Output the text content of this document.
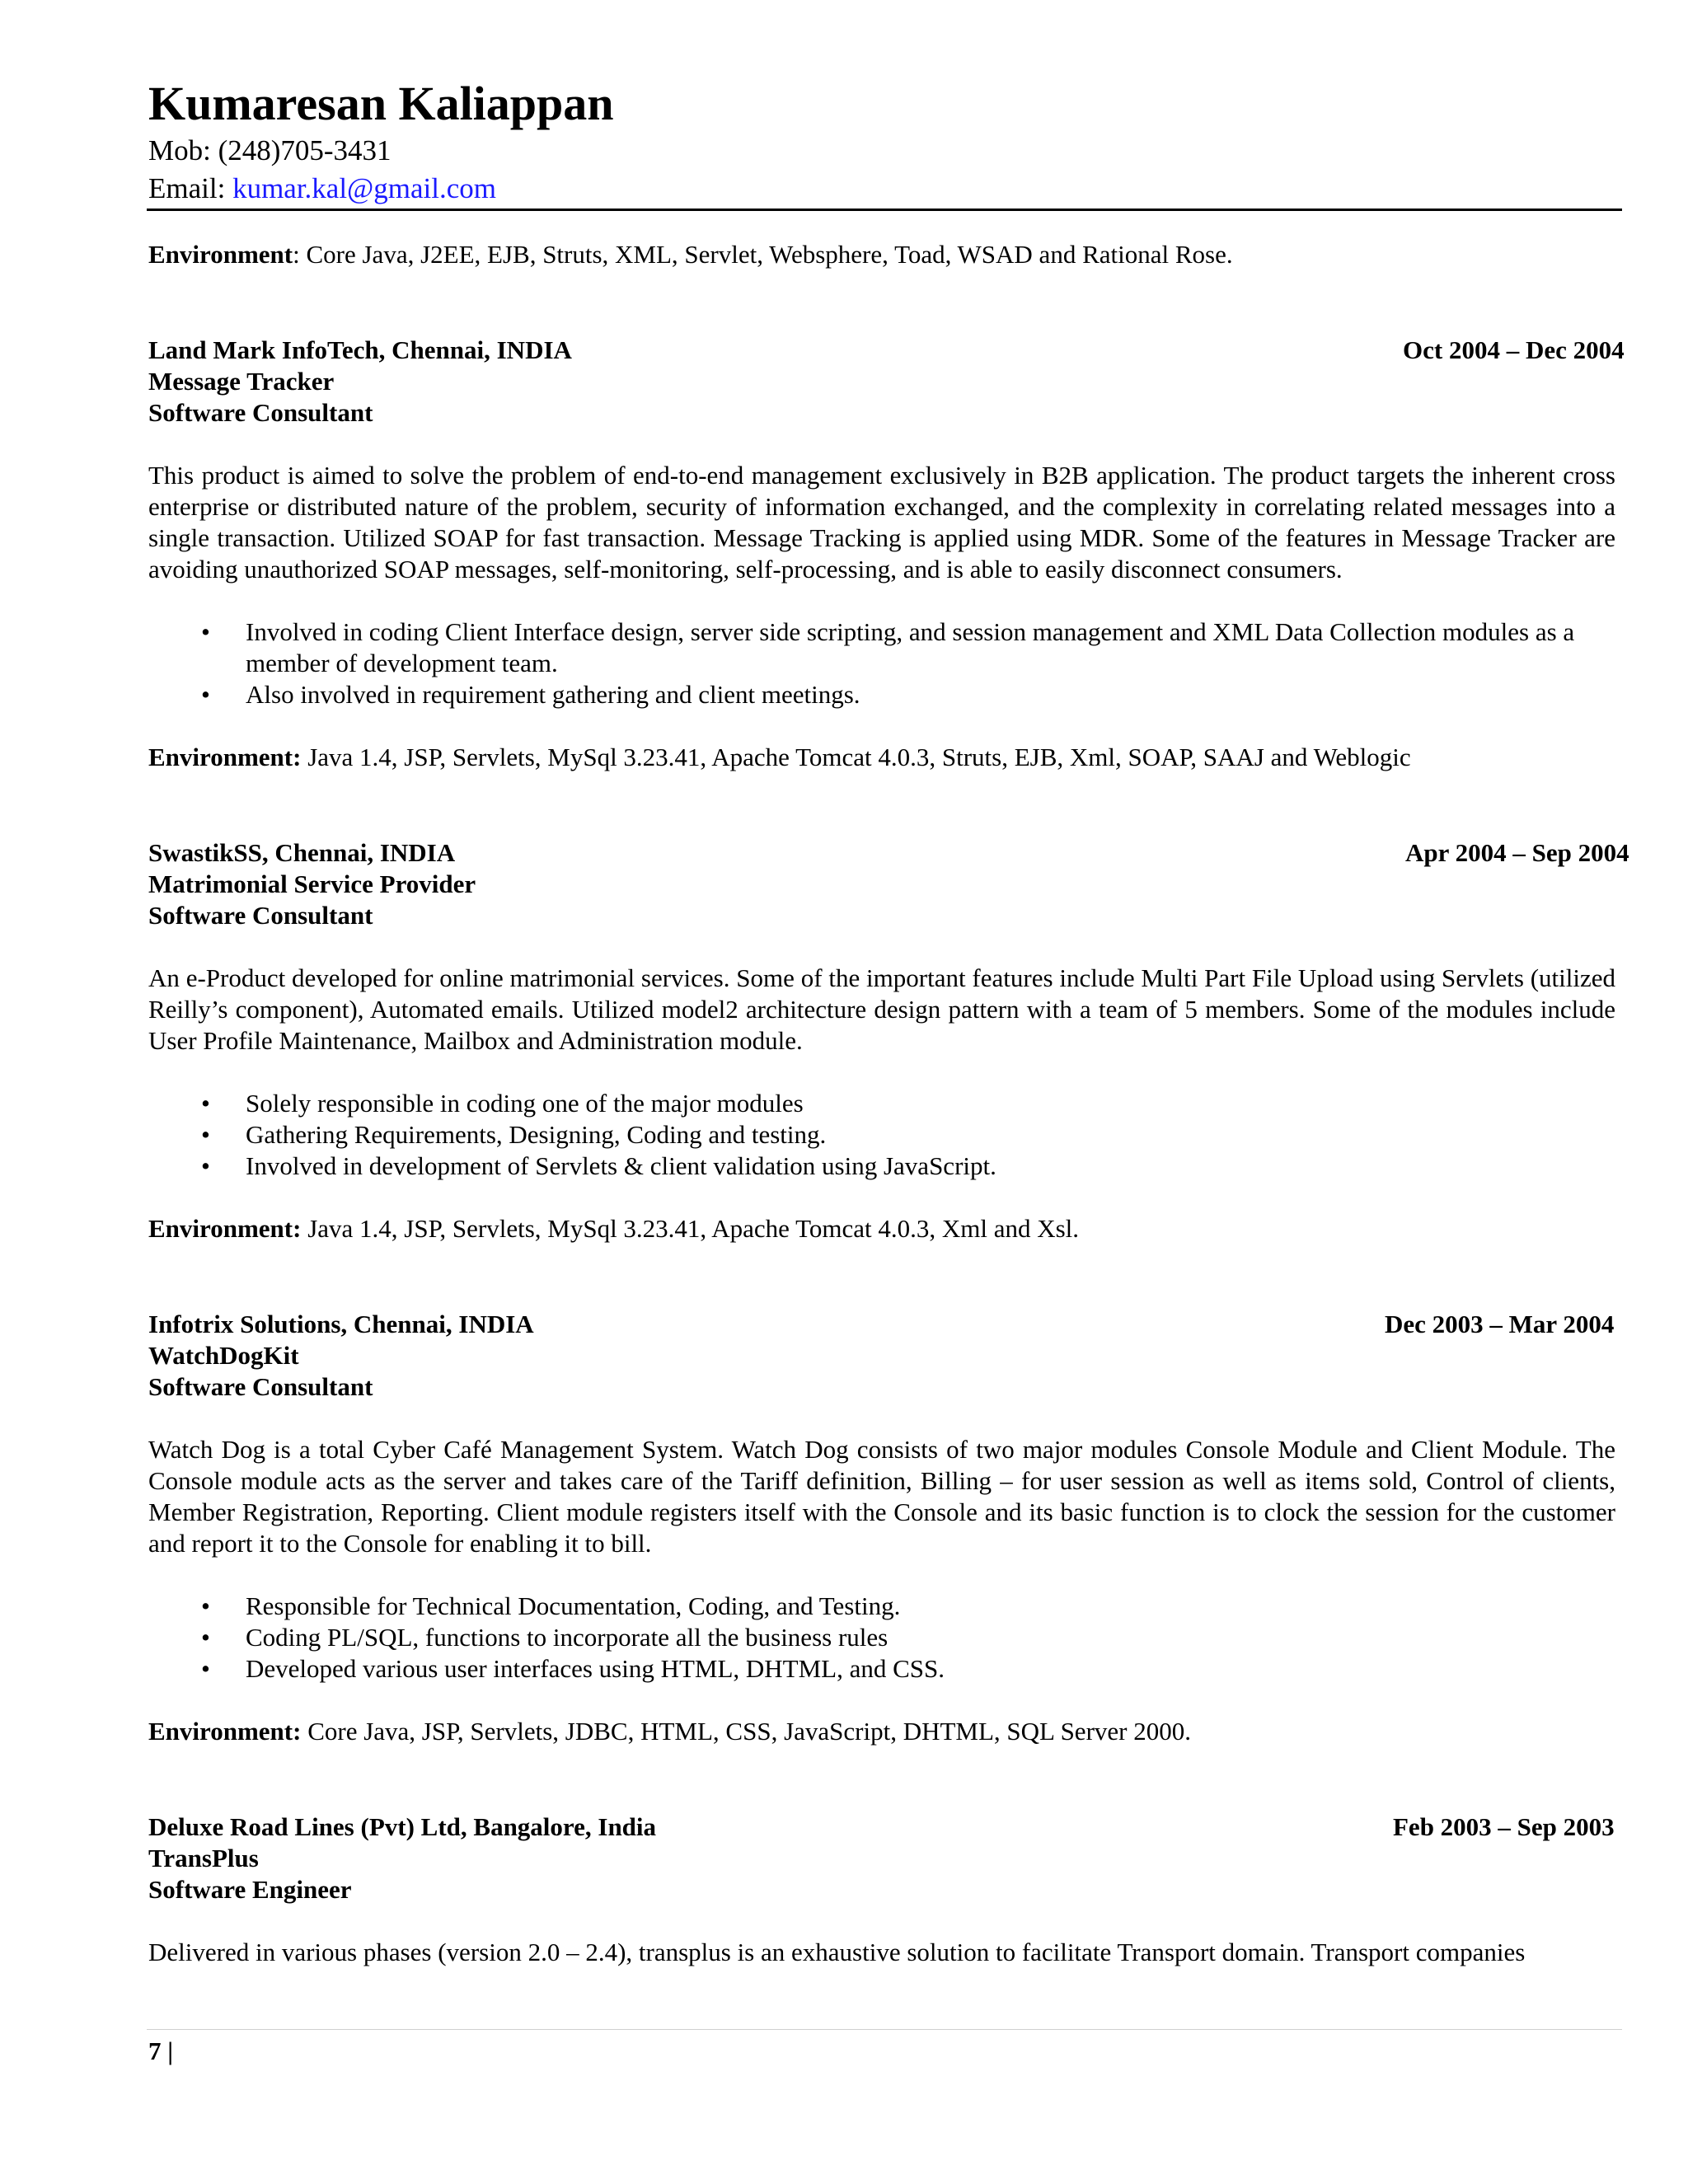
Kumaresan Kaliappan

Mob: (248)705-3431

Email: kumar.kal@gmail.com

Environment: Core Java, J2EE, EJB, Struts, XML, Servlet, Websphere, Toad, WSAD and Rational Rose.

Land Mark InfoTech, Chennai, INDIA	Oct 2004 – Dec 2004

Message Tracker

Software Consultant

This product is aimed to solve the problem of end-to-end management exclusively in B2B application. The product targets the inherent cross enterprise or distributed nature of the problem, security of information exchanged, and the complexity in correlating related messages into a single transaction. Utilized SOAP for fast transaction. Message Tracking is applied using MDR. Some of the features in Message Tracker are avoiding unauthorized SOAP messages, self-monitoring, self-processing, and is able to easily disconnect consumers.

• Involved in coding Client Interface design, server side scripting, and session management and XML Data Collection modules as a member of development team.
• Also involved in requirement gathering and client meetings.

Environment: Java 1.4, JSP, Servlets, MySql 3.23.41, Apache Tomcat 4.0.3, Struts, EJB, Xml, SOAP, SAAJ and Weblogic

SwastikSS, Chennai, INDIA	Apr 2004 – Sep 2004

Matrimonial Service Provider

Software Consultant

An e-Product developed for online matrimonial services. Some of the important features include Multi Part File Upload using Servlets (utilized Reilly’s component), Automated emails. Utilized model2 architecture design pattern with a team of 5 members. Some of the modules include User Profile Maintenance, Mailbox and Administration module.

• Solely responsible in coding one of the major modules
• Gathering Requirements, Designing, Coding and testing.
• Involved in development of Servlets & client validation using JavaScript.

Environment: Java 1.4, JSP, Servlets, MySql 3.23.41, Apache Tomcat 4.0.3, Xml and Xsl.

Infotrix Solutions, Chennai, INDIA	Dec 2003 – Mar 2004

WatchDogKit

Software Consultant

Watch Dog is a total Cyber Café Management System. Watch Dog consists of two major modules Console Module and Client Module. The Console module acts as the server and takes care of the Tariff definition, Billing – for user session as well as items sold, Control of clients, Member Registration, Reporting. Client module registers itself with the Console and its basic function is to clock the session for the customer and report it to the Console for enabling it to bill.

• Responsible for Technical Documentation, Coding, and Testing.
• Coding PL/SQL, functions to incorporate all the business rules
• Developed various user interfaces using HTML, DHTML, and CSS.

Environment: Core Java, JSP, Servlets, JDBC, HTML, CSS, JavaScript, DHTML, SQL Server 2000.

Deluxe Road Lines (Pvt) Ltd, Bangalore, India	Feb 2003 – Sep 2003

TransPlus

Software Engineer

Delivered in various phases (version 2.0 – 2.4), transplus is an exhaustive solution to facilitate Transport domain. Transport companies

7 |
